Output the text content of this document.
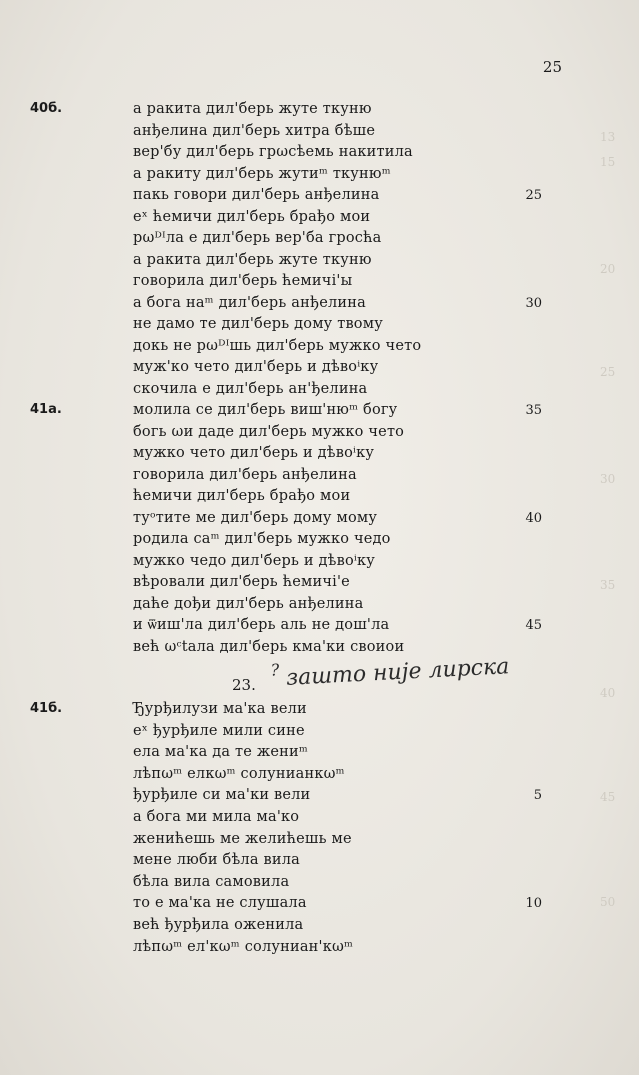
25
13
15
20
25
30
35
40
45
50
40б.	а ракита дил'берь жуте ткуню
анђелина дил'берь хитра бѣше
вер'бу дил'берь грωсѣемь накитила
а ракиту дил'берь жутиᵐ ткунюᵐ
пакь говори дил'берь анђелина	25
еˣ ћемичи дил'берь брађо мои
рωᴰᴵла е дил'берь вер'ба гросћа
а ракита дил'берь жуте ткуню
говорила дил'берь ћемичі'ы
а бога наᵐ дил'берь анђелина	30
не дамо те дил'берь дому твому
докь не рωᴰᴵшь дил'берь мужко чето
муж'ко чето дил'берь и дѣвоⁱку
скочила е дил'берь ан'ђелина
41а.	молила се дил'берь виш'нюᵐ богу	35
богь ωи даде дил'берь мужко чето
мужко чето дил'берь и дѣвоⁱку
говорила дил'берь анђелина
ћемичи дил'берь брађо мои
туᵒтите ме дил'берь дому мому	40
родила саᵐ дил'берь мужко чедо
мужко чедо дил'берь и дѣвоⁱку
вѣровали дил'берь ћемичі'е
даће дођи дил'берь анђелина
и ѿиш'ла дил'берь аль не дош'ла	45
већ ωᶜtала дил'берь кма'ки своиои
23.
? зашто није лирска
41б.	Ђурђилузи ма'ка вели
еˣ ђурђиле мили сине
ела ма'ка да те жениᵐ
лѣпωᵐ елкωᵐ солунианкωᵐ
ђурђиле си ма'ки вели	5
а бога ми мила ма'ко
женићешь ме желићешь ме
мене люби бѣла вила
бѣла вила самовила
то е ма'ка не слушала	10
већ ђурђила оженила
лѣпωᵐ ел'кωᵐ солуниан'кωᵐ
